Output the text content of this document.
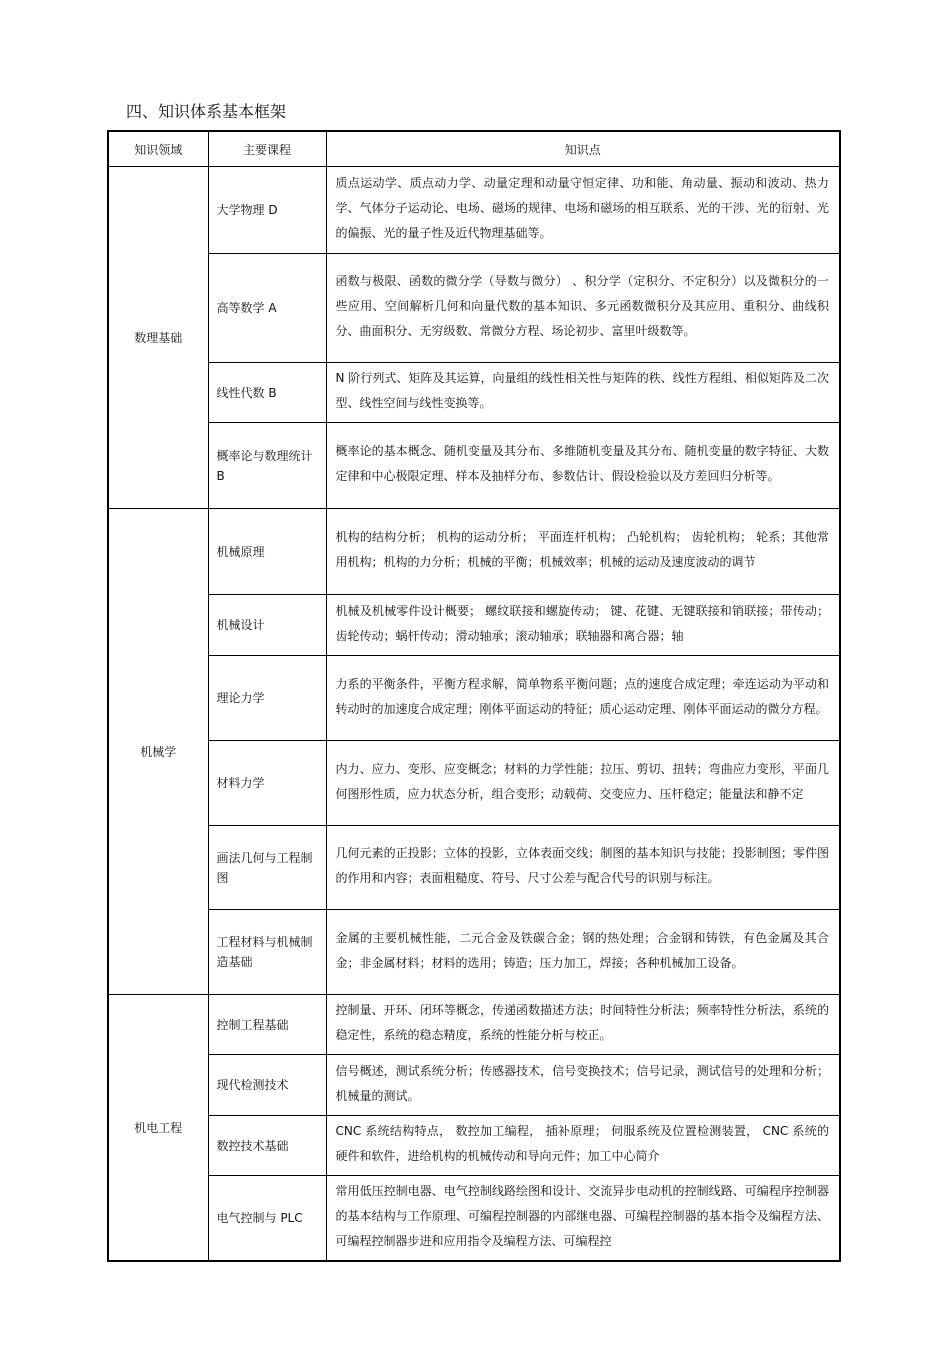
四、知识体系基本框架
知识领域	主要课程	知识点
数理基础	大学物理 D	质点运动学、质点动力学、动量定理和动量守恒定律、功和能、角动量、振动和波动、热力学、气体分子运动论、电场、磁场的规律、电场和磁场的相互联系、光的干涉、光的衍射、光的偏振、光的量子性及近代物理基础等。

	高等数学 A	函数与极限、函数的微分学（导数与微分） 、积分学（定积分、不定积分）以及微积分的一些应用、空间解析几何和向量代数的基本知识、多元函数微积分及其应用、重积分、曲线积分、曲面积分、无穷级数、常微分方程、场论初步、富里叶级数等。

	线性代数 B	N 阶行列式、矩阵及其运算，向量组的线性相关性与矩阵的秩、线性方程组、相似矩阵及二次型、线性空间与线性变换等。

	概率论与数理统计 B	概率论的基本概念、随机变量及其分布、多维随机变量及其分布、随机变量的数字特征、大数定律和中心极限定理、样本及抽样分布、参数估计、假设检验以及方差回归分析等。

机械学	机械原理	机构的结构分析； 机构的运动分析； 平面连杆机构； 凸轮机构； 齿轮机构； 轮系；其他常用机构；机构的力分析；机械的平衡；机械效率；机械的运动及速度波动的调节

	机械设计	机械及机械零件设计概要； 螺纹联接和螺旋传动； 键、花键、无键联接和销联接；带传动；齿轮传动；蜗杆传动；滑动轴承；滚动轴承；联轴器和离合器；轴

	理论力学	力系的平衡条件，平衡方程求解，简单物系平衡问题；点的速度合成定理；牵连运动为平动和转动时的加速度合成定理；刚体平面运动的特征；质心运动定理、刚体平面运动的微分方程。

	材料力学	内力、应力、变形、应变概念；材料的力学性能；拉压、剪切、扭转；弯曲应力变形，平面几何图形性质，应力状态分析，组合变形；动载荷、交变应力、压杆稳定；能量法和静不定

	画法几何与工程制图	几何元素的正投影；立体的投影，立体表面交线；制图的基本知识与技能；投影制图；零件图的作用和内容；表面粗糙度、符号、尺寸公差与配合代号的识别与标注。

	工程材料与机械制造基础	金属的主要机械性能，二元合金及铁碳合金；钢的热处理；合金钢和铸铁，有色金属及其合金；非金属材料；材料的选用；铸造；压力加工，焊接；各种机械加工设备。

机电工程	控制工程基础	控制量、开环、闭环等概念，传递函数描述方法；时间特性分析法；频率特性分析法，系统的稳定性，系统的稳态精度，系统的性能分析与校正。

	现代检测技术	信号概述，测试系统分析；传感器技术，信号变换技术；信号记录，测试信号的处理和分析；机械量的测试。

	数控技术基础	CNC 系统结构特点， 数控加工编程， 插补原理； 伺服系统及位置检测装置， CNC 系统的硬件和软件，进给机构的机械传动和导向元件；加工中心简介

	电气控制与 PLC	常用低压控制电器、电气控制线路绘图和设计、交流异步电动机的控制线路、可编程序控制器的基本结构与工作原理、可编程控制器的内部继电器、可编程控制器的基本指令及编程方法、可编程控制器步进和应用指令及编程方法、可编程控
